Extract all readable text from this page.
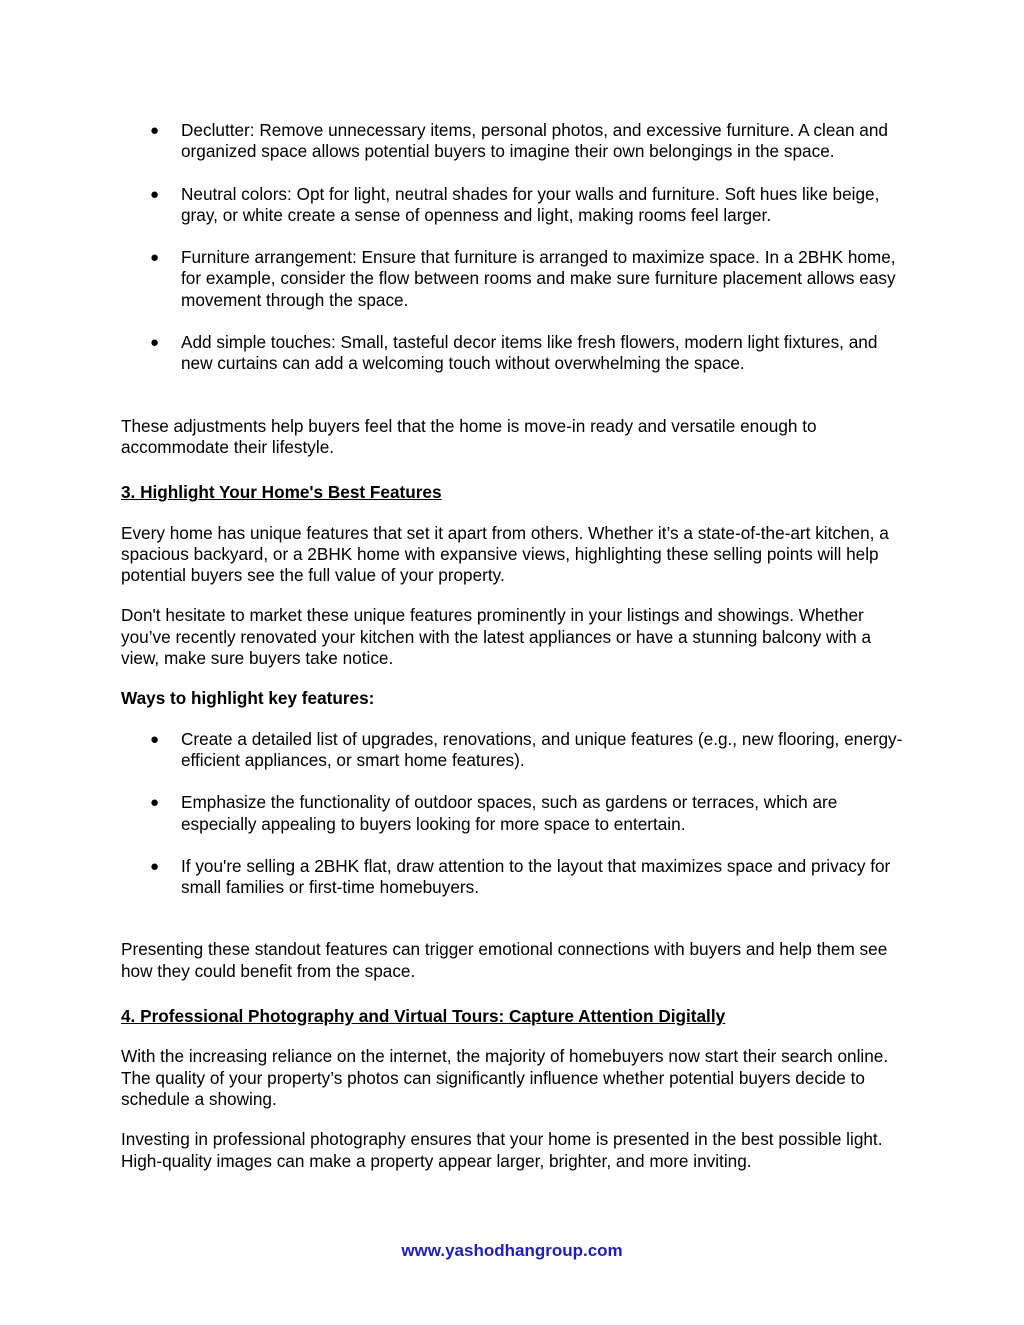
● Declutter: Remove unnecessary items, personal photos, and excessive furniture. A clean and organized space allows potential buyers to imagine their own belongings in the space.
● Neutral colors: Opt for light, neutral shades for your walls and furniture. Soft hues like beige, gray, or white create a sense of openness and light, making rooms feel larger.
● Furniture arrangement: Ensure that furniture is arranged to maximize space. In a 2BHK home, for example, consider the flow between rooms and make sure furniture placement allows easy movement through the space.
● Add simple touches: Small, tasteful decor items like fresh flowers, modern light fixtures, and new curtains can add a welcoming touch without overwhelming the space.

These adjustments help buyers feel that the home is move-in ready and versatile enough to accommodate their lifestyle.

3. Highlight Your Home's Best Features

Every home has unique features that set it apart from others. Whether it’s a state-of-the-art kitchen, a spacious backyard, or a 2BHK home with expansive views, highlighting these selling points will help potential buyers see the full value of your property.

Don't hesitate to market these unique features prominently in your listings and showings. Whether you’ve recently renovated your kitchen with the latest appliances or have a stunning balcony with a view, make sure buyers take notice.

Ways to highlight key features:

● Create a detailed list of upgrades, renovations, and unique features (e.g., new flooring, energy-efficient appliances, or smart home features).
● Emphasize the functionality of outdoor spaces, such as gardens or terraces, which are especially appealing to buyers looking for more space to entertain.
● If you're selling a 2BHK flat, draw attention to the layout that maximizes space and privacy for small families or first-time homebuyers.

Presenting these standout features can trigger emotional connections with buyers and help them see how they could benefit from the space.

4. Professional Photography and Virtual Tours: Capture Attention Digitally

With the increasing reliance on the internet, the majority of homebuyers now start their search online. The quality of your property’s photos can significantly influence whether potential buyers decide to schedule a showing.

Investing in professional photography ensures that your home is presented in the best possible light. High-quality images can make a property appear larger, brighter, and more inviting.

www.yashodhangroup.com
